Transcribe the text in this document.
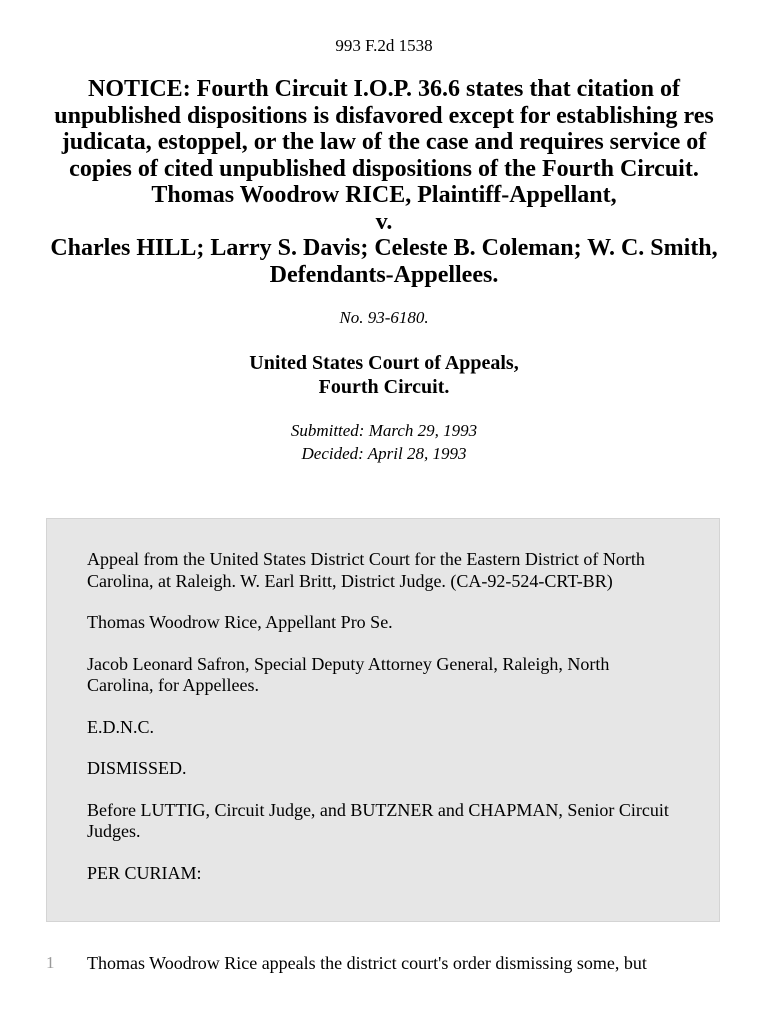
993 F.2d 1538
NOTICE: Fourth Circuit I.O.P. 36.6 states that citation of unpublished dispositions is disfavored except for establishing res judicata, estoppel, or the law of the case and requires service of copies of cited unpublished dispositions of the Fourth Circuit.
Thomas Woodrow RICE, Plaintiff-Appellant,
v.
Charles HILL; Larry S. Davis; Celeste B. Coleman; W. C. Smith, Defendants-Appellees.
No. 93-6180.
United States Court of Appeals,
Fourth Circuit.
Submitted: March 29, 1993
Decided: April 28, 1993

Appeal from the United States District Court for the Eastern District of North Carolina, at Raleigh. W. Earl Britt, District Judge. (CA-92-524-CRT-BR)

Thomas Woodrow Rice, Appellant Pro Se.

Jacob Leonard Safron, Special Deputy Attorney General, Raleigh, North Carolina, for Appellees.

E.D.N.C.

DISMISSED.

Before LUTTIG, Circuit Judge, and BUTZNER and CHAPMAN, Senior Circuit Judges.

PER CURIAM:

1 Thomas Woodrow Rice appeals the district court's order dismissing some, but
